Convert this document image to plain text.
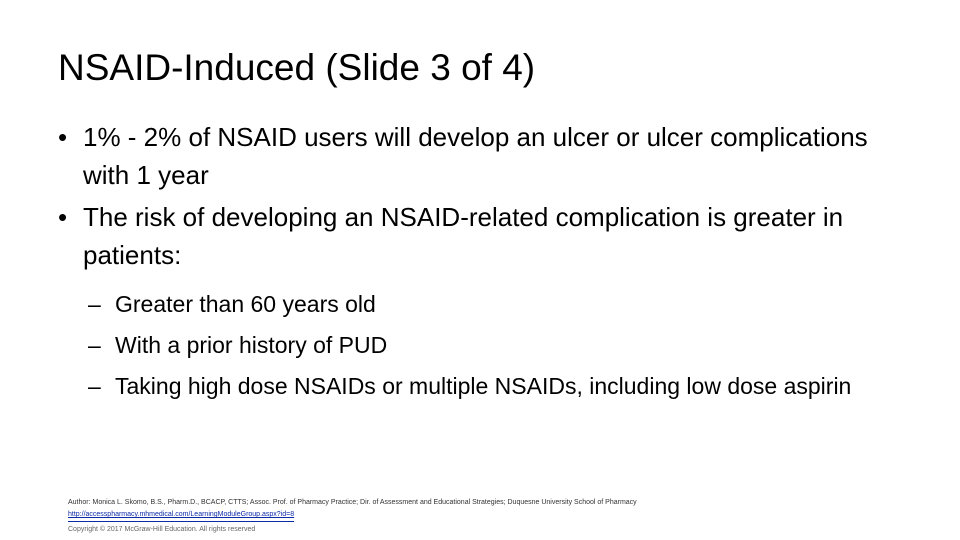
NSAID-Induced (Slide 3 of 4)
• 1% - 2% of NSAID users will develop an ulcer or ulcer complications with 1 year
• The risk of developing an NSAID-related complication is greater in patients:
– Greater than 60 years old
– With a prior history of PUD
– Taking high dose NSAIDs or multiple NSAIDs, including low dose aspirin
Author: Monica L. Skomo, B.S., Pharm.D., BCACP, CTTS; Assoc. Prof. of Pharmacy Practice; Dir. of Assessment and Educational Strategies; Duquesne University School of Pharmacy
http://accesspharmacy.mhmedical.com/LearningModuleGroup.aspx?id=8
Copyright © 2017 McGraw-Hill Education. All rights reserved
